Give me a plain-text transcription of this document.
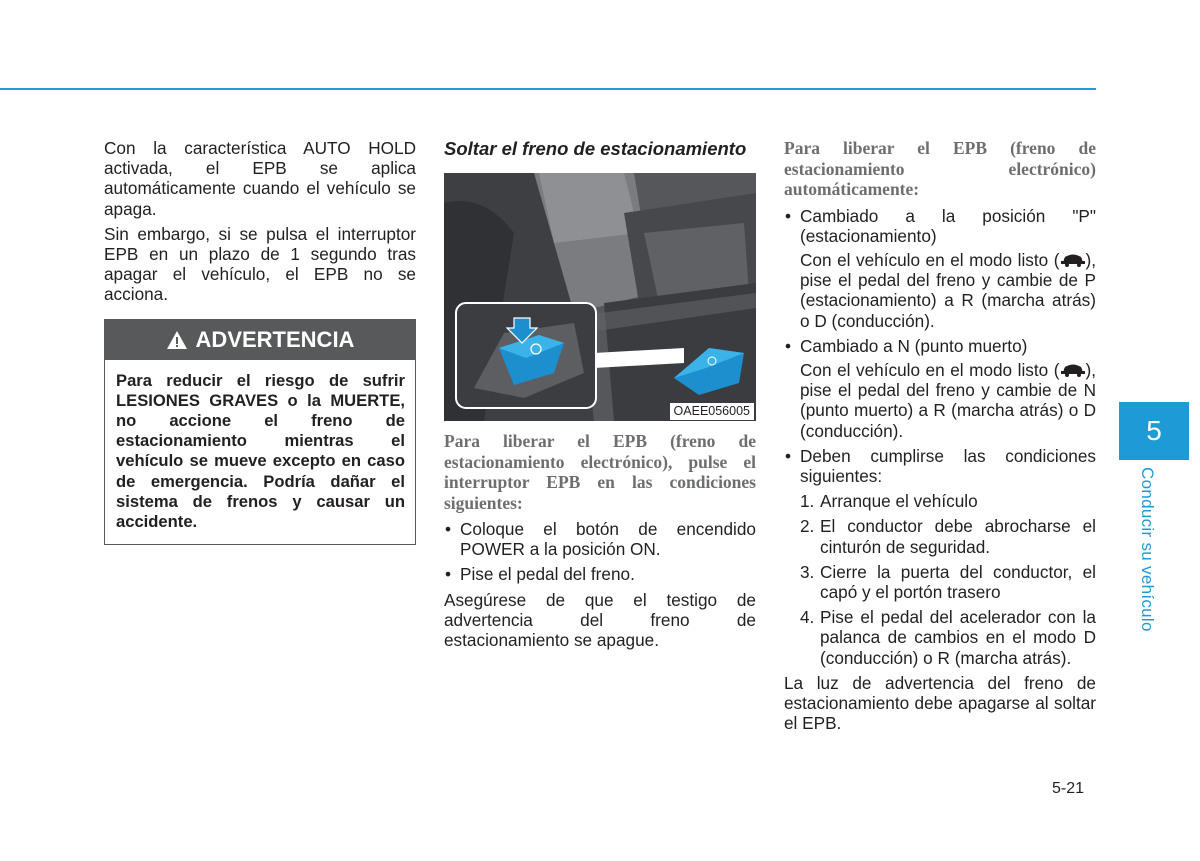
Con la característica AUTO HOLD activada, el EPB se aplica automáticamente cuando el vehículo se apaga.

Sin embargo, si se pulsa el interruptor EPB en un plazo de 1 segundo tras apagar el vehículo, el EPB no se acciona.

ADVERTENCIA
Para reducir el riesgo de sufrir LESIONES GRAVES o la MUERTE, no accione el freno de estacionamiento mientras el vehículo se mueve excepto en caso de emergencia. Podría dañar el sistema de frenos y causar un accidente.
Soltar el freno de estacionamiento
OAEE056005

Para liberar el EPB (freno de estacionamiento electrónico), pulse el interruptor EPB en las condiciones siguientes:

• Coloque el botón de encendido POWER a la posición ON.
• Pise el pedal del freno.

Asegúrese de que el testigo de advertencia del freno de estacionamiento se apague.

Para liberar el EPB (freno de estacionamiento electrónico) automáticamente:

• Cambiado a la posición "P" (estacionamiento)

Con el vehículo en el modo listo ( ), pise el pedal del freno y cambie de P (estacionamiento) a R (marcha atrás) o D (conducción).

• Cambiado a N (punto muerto)

Con el vehículo en el modo listo ( ), pise el pedal del freno y cambie de N (punto muerto) a R (marcha atrás) o D (conducción).

• Deben cumplirse las condiciones siguientes:
1. Arranque el vehículo
2. El conductor debe abrocharse el cinturón de seguridad.
3. Cierre la puerta del conductor, el capó y el portón trasero
4. Pise el pedal del acelerador con la palanca de cambios en el modo D (conducción) o R (marcha atrás).

La luz de advertencia del freno de estacionamiento debe apagarse al soltar el EPB.

5
Conducir su vehículo
5-21
